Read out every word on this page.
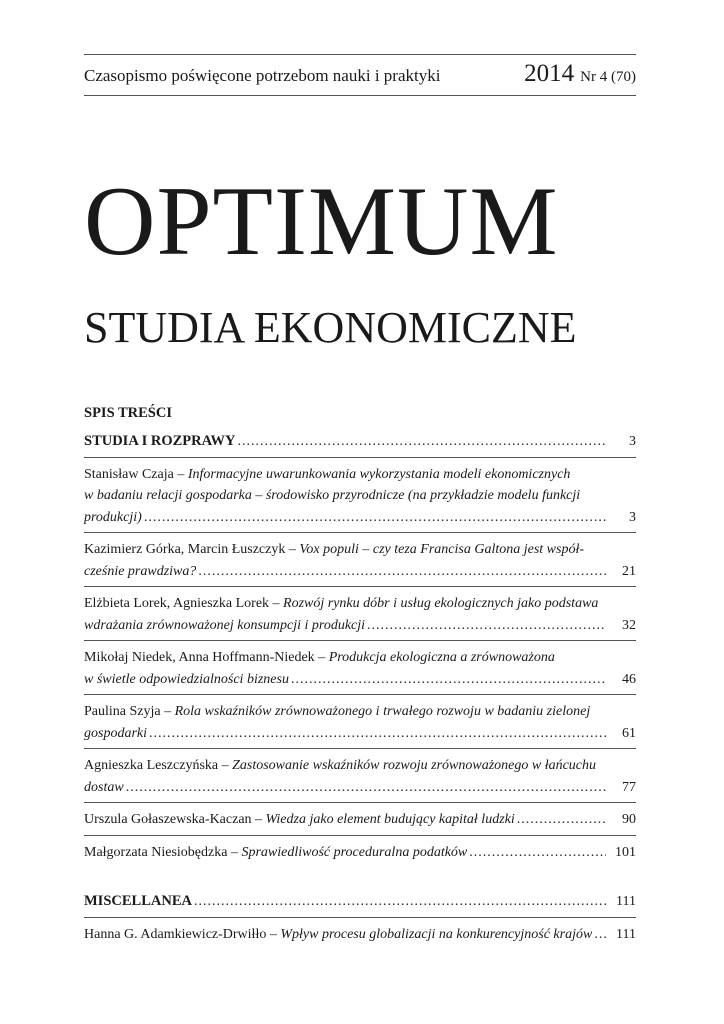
Czasopismo poświęcone potrzebom nauki i praktyki	2014 Nr 4 (70)
OPTIMUM
STUDIA EKONOMICZNE
SPIS TREŚCI
STUDIA I ROZPRAWY .....	3
Stanisław Czaja – Informacyjne uwarunkowania wykorzystania modeli ekonomicznych
w badaniu relacji gospodarka – środowisko przyrodnicze (na przykładzie modelu funkcji
produkcji) .....	3
Kazimierz Górka, Marcin Łuszczyk – Vox populi – czy teza Francisa Galtona jest współ-
cześnie prawdziwa? .....	21
Elżbieta Lorek, Agnieszka Lorek – Rozwój rynku dóbr i usług ekologicznych jako podstawa
wdrażania zrównoważonej konsumpcji i produkcji .....	32
Mikołaj Niedek, Anna Hoffmann-Niedek – Produkcja ekologiczna a zrównoważona
w świetle odpowiedzialności biznesu .....	46
Paulina Szyja – Rola wskaźników zrównoważonego i trwałego rozwoju w badaniu zielonej
gospodarki .....	61
Agnieszka Leszczyńska – Zastosowanie wskaźników rozwoju zrównoważonego w łańcuchu
dostaw .....	77
Urszula Gołaszewska-Kaczan – Wiedza jako element budujący kapitał ludzki .....	90
Małgorzata Niesiobędzka – Sprawiedliwość proceduralna podatków .....	101
MISCELLANEA .....	111
Hanna G. Adamkiewicz-Drwiłło – Wpływ procesu globalizacji na konkurencyjność krajów .....	111
